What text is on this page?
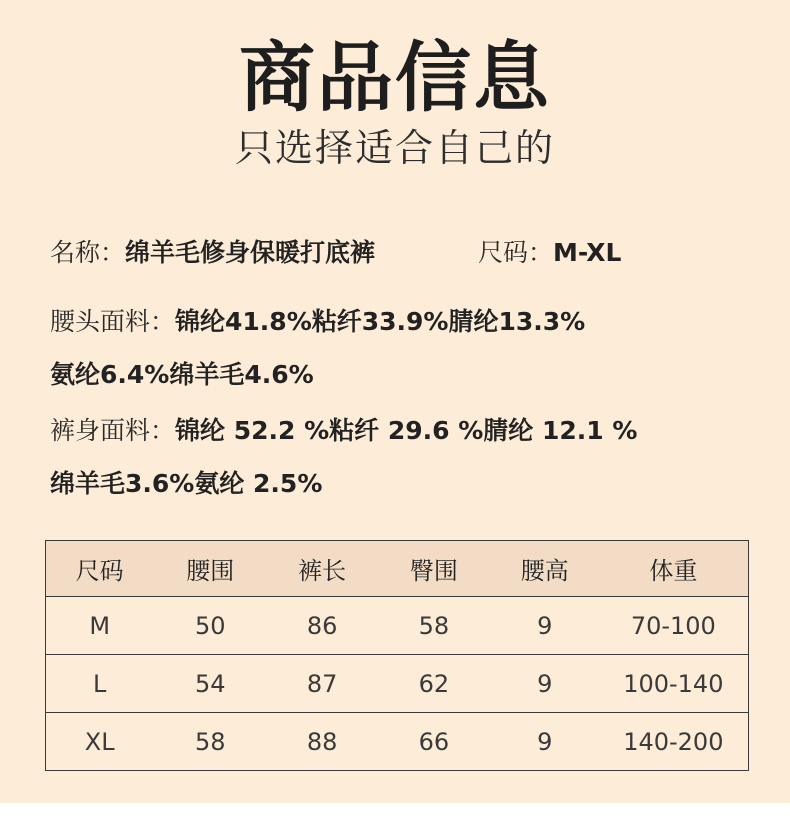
商品信息
只选择适合自己的
名称：绵羊毛修身保暖打底裤	尺码：M-XL
腰头面料：锦纶41.8%粘纤33.9%腈纶13.3%
氨纶6.4%绵羊毛4.6%
裤身面料：锦纶 52.2 %粘纤 29.6 %腈纶 12.1 %
绵羊毛3.6%氨纶 2.5%
尺码	腰围	裤长	臀围	腰高	体重
M	50	86	58	9	70-100
L	54	87	62	9	100-140
XL	58	88	66	9	140-200
